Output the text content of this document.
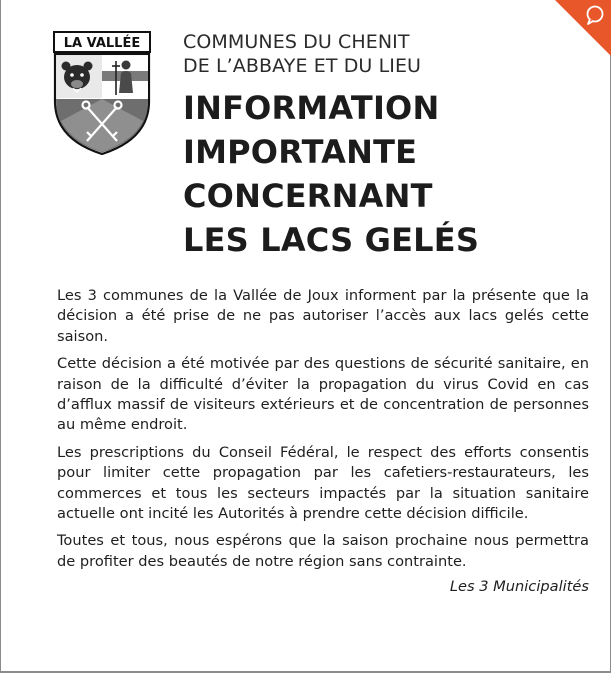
LA VALLÉE COMMUNES DU CHENIT
DE L’ABBAYE ET DU LIEU

INFORMATION
IMPORTANTE
CONCERNANT
LES LACS GELÉS

Les 3 communes de la Vallée de Joux informent par la présente que la décision a été prise de ne pas autoriser l’accès aux lacs gelés cette saison.

Cette décision a été motivée par des questions de sécurité sanitaire, en raison de la difficulté d’éviter la propagation du virus Covid en cas d’afflux massif de visiteurs extérieurs et de concentration de personnes au même endroit.

Les prescriptions du Conseil Fédéral, le respect des efforts consentis pour limiter cette propagation par les cafetiers-restaurateurs, les commerces et tous les secteurs impactés par la situation sanitaire actuelle ont incité les Autorités à prendre cette décision difficile.

Toutes et tous, nous espérons que la saison prochaine nous permettra de profiter des beautés de notre région sans contrainte.

Les 3 Municipalités
